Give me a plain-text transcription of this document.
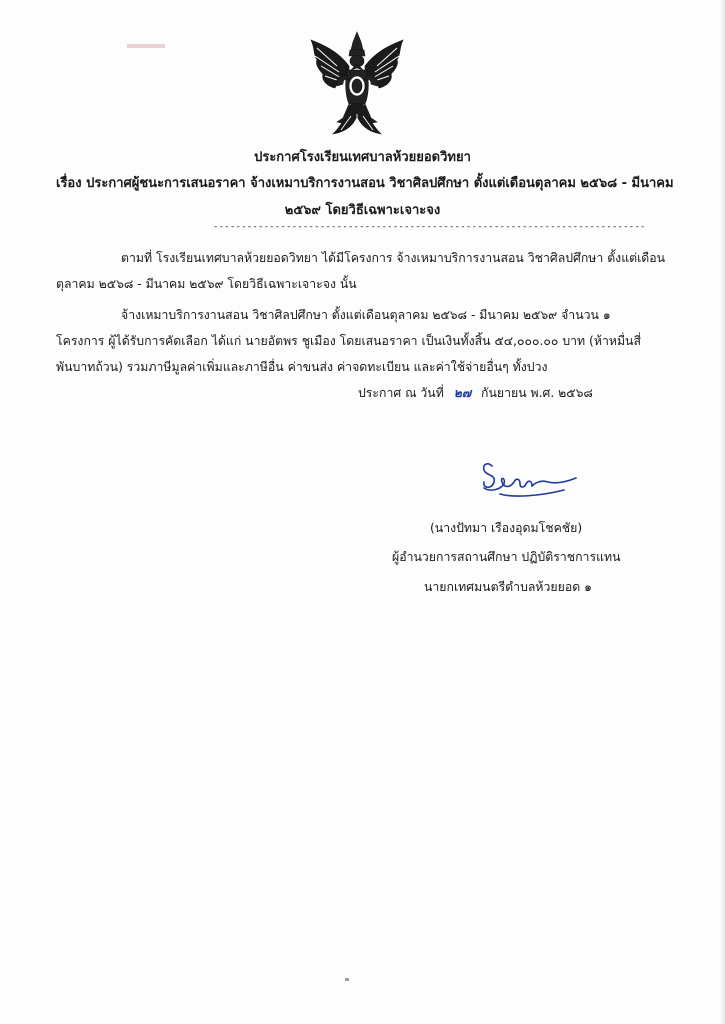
ประกาศโรงเรียนเทศบาลห้วยยอดวิทยา
เรื่อง ประกาศผู้ชนะการเสนอราคา จ้างเหมาบริการงานสอน วิชาศิลปศึกษา ตั้งแต่เดือนตุลาคม ๒๕๖๘ - มีนาคม
๒๕๖๙ โดยวิธีเฉพาะเจาะจง
-----------------------------------------------------------------------------
ตามที่ โรงเรียนเทศบาลห้วยยอดวิทยา ได้มีโครงการ จ้างเหมาบริการงานสอน วิชาศิลปศึกษา ตั้งแต่เดือน
ตุลาคม ๒๕๖๘ - มีนาคม ๒๕๖๙ โดยวิธีเฉพาะเจาะจง นั้น
จ้างเหมาบริการงานสอน วิชาศิลปศึกษา ตั้งแต่เดือนตุลาคม ๒๕๖๘ - มีนาคม ๒๕๖๙ จำนวน ๑
โครงการ ผู้ได้รับการคัดเลือก ได้แก่ นายอัตพร ชูเมือง โดยเสนอราคา เป็นเงินทั้งสิ้น ๕๔,๐๐๐.๐๐ บาท (ห้าหมื่นสี่
พันบาทถ้วน) รวมภาษีมูลค่าเพิ่มและภาษีอื่น ค่าขนส่ง ค่าจดทะเบียน และค่าใช้จ่ายอื่นๆ ทั้งปวง
ประกาศ ณ วันที่ ๒๗ กันยายน พ.ศ. ๒๕๖๘
(นางปัทมา เรืองอุดมโชคชัย)
ผู้อำนวยการสถานศึกษา ปฏิบัติราชการแทน
นายกเทศมนตรีตำบลห้วยยอด ๑
